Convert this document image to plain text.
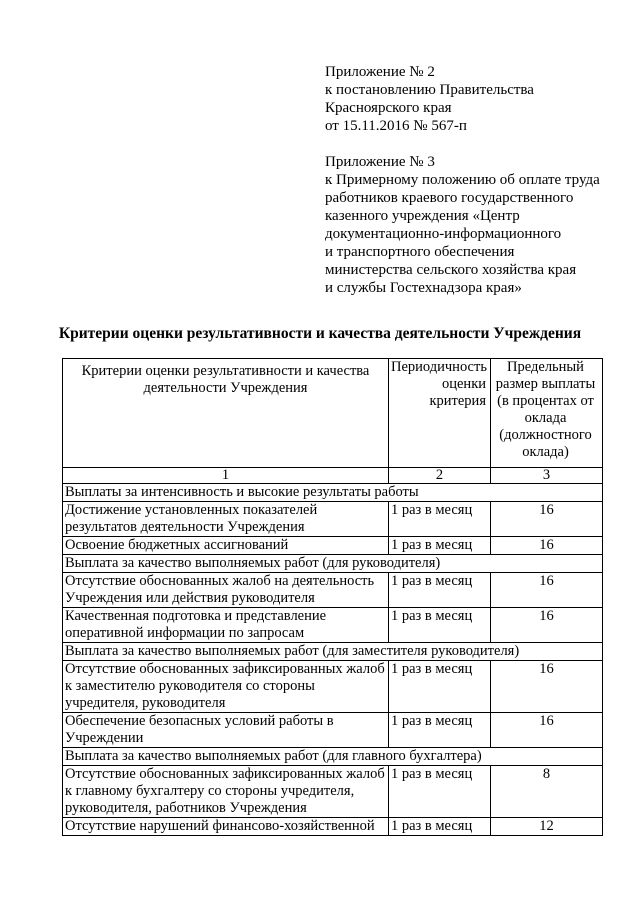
Приложение № 2
к постановлению Правительства
Красноярского края
от 15.11.2016 № 567-п
Приложение № 3
к Примерному положению об оплате труда
работников краевого государственного
казенного учреждения «Центр
документационно-информационного
и транспортного обеспечения
министерства сельского хозяйства края
и службы Гостехнадзора края»
Критерии оценки результативности и качества деятельности Учреждения
Критерии оценки результативности и качества деятельности Учреждения	Периодичность оценки критерия	Предельный размер выплаты (в процентах от оклада (должностного оклада)
1	2	3
Выплаты за интенсивность и высокие результаты работы		
Достижение установленных показателей результатов деятельности Учреждения	1 раз в месяц	16
Освоение бюджетных ассигнований	1 раз в месяц	16
Выплата за качество выполняемых работ (для руководителя)		
Отсутствие обоснованных жалоб на деятельность Учреждения или действия руководителя	1 раз в месяц	16
Качественная подготовка и представление оперативной информации по запросам	1 раз в месяц	16
Выплата за качество выполняемых работ (для заместителя руководителя)		
Отсутствие обоснованных зафиксированных жалоб к заместителю руководителя со стороны учредителя, руководителя	1 раз в месяц	16
Обеспечение безопасных условий работы в Учреждении	1 раз в месяц	16
Выплата за качество выполняемых работ (для главного бухгалтера)		
Отсутствие обоснованных зафиксированных жалоб к главному бухгалтеру со стороны учредителя, руководителя, работников Учреждения	1 раз в месяц	8
Отсутствие нарушений финансово-хозяйственной	1 раз в месяц	12
